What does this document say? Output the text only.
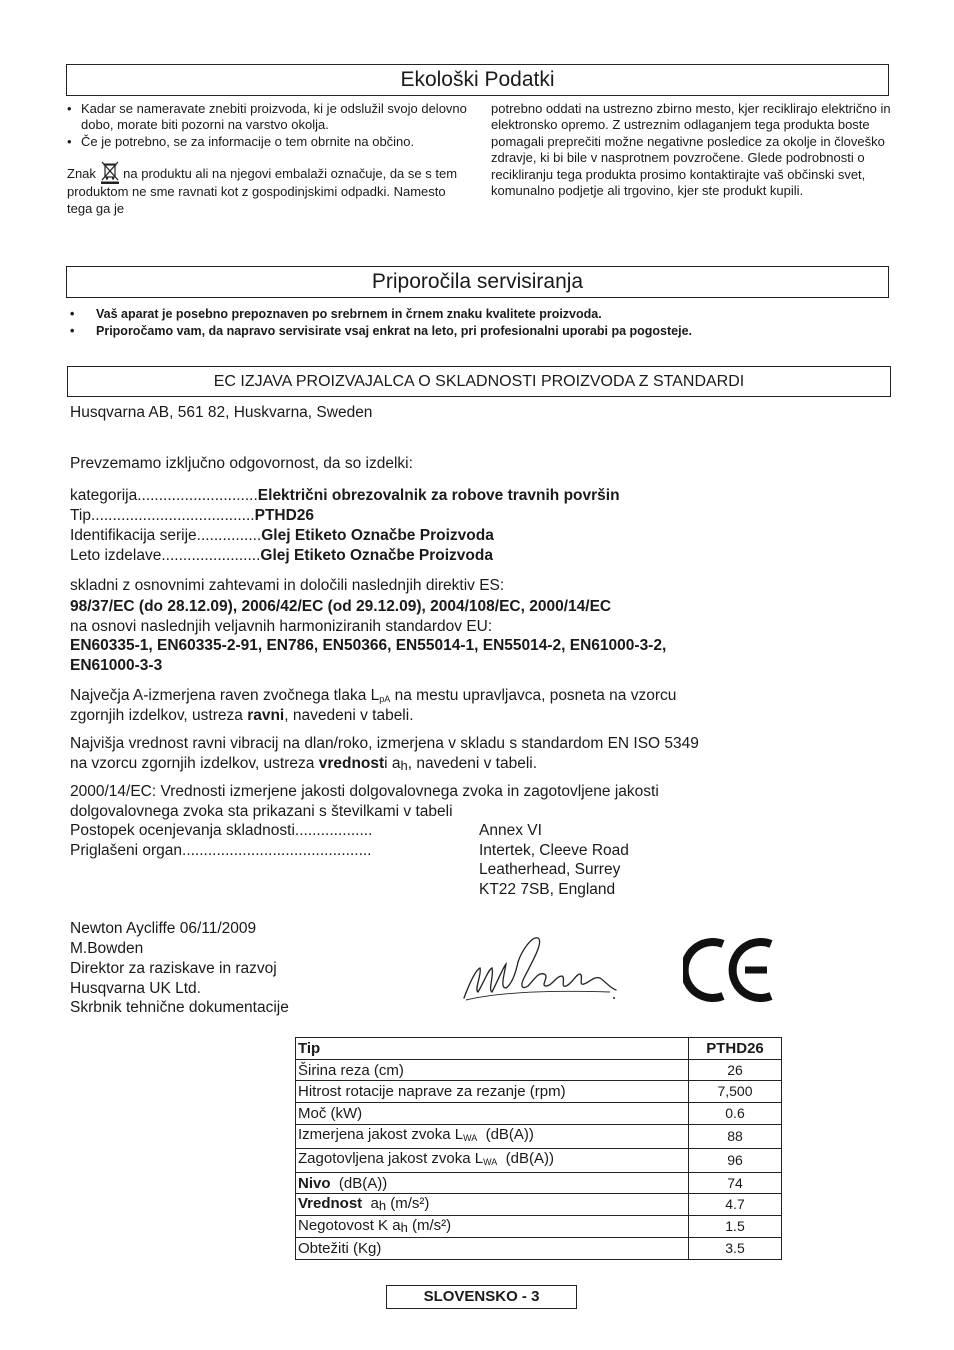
Ekološki Podatki
• Kadar se nameravate znebiti proizvoda, ki je odslužil svojo delovno dobo, morate biti pozorni na varstvo okolja.
• Če je potrebno, se za informacije o tem obrnite na občino.
Znak na produktu ali na njegovi embalaži označuje, da se s tem produktom ne sme ravnati kot z gospodinjskimi odpadki. Namesto tega ga je
potrebno oddati na ustrezno zbirno mesto, kjer reciklirajo električno in elektronsko opremo. Z ustreznim odlaganjem tega produkta boste pomagali preprečiti možne negativne posledice za okolje in človeško zdravje, ki bi bile v nasprotnem povzročene. Glede podrobnosti o recikliranju tega produkta prosimo kontaktirajte vaš občinski svet, komunalno podjetje ali trgovino, kjer ste produkt kupili.
Priporočila servisiranja
• Vaš aparat je posebno prepoznaven po srebrnem in črnem znaku kvalitete proizvoda.
• Priporočamo vam, da napravo servisirate vsaj enkrat na leto, pri profesionalni uporabi pa pogosteje.
EC IZJAVA PROIZVAJALCA O SKLADNOSTI PROIZVODA Z STANDARDI
Husqvarna AB, 561 82, Huskvarna, Sweden
Prevzemamo izključno odgovornost, da so izdelki:
kategorija............................Električni obrezovalnik za robove travnih površin
Tip......................................PTHD26
Identifikacija serije...............Glej Etiketo Označbe Proizvoda
Leto izdelave.......................Glej Etiketo Označbe Proizvoda
skladni z osnovnimi zahtevami in določili naslednjih direktiv ES:
98/37/EC (do 28.12.09), 2006/42/EC (od 29.12.09), 2004/108/EC, 2000/14/EC
na osnovi naslednjih veljavnih harmoniziranih standardov EU:
EN60335-1, EN60335-2-91, EN786, EN50366, EN55014-1, EN55014-2, EN61000-3-2,
EN61000-3-3
Največja A-izmerjena raven zvočnega tlaka $L_{pA}$ na mestu upravljavca, posneta na vzorcu
zgornjih izdelkov, ustreza ravni, navedeni v tabeli.
Najvišja vrednost ravni vibracij na dlan/roko, izmerjena v skladu s standardom EN ISO 5349
na vzorcu zgornjih izdelkov, ustreza vrednosti $a_h$, navedeni v tabeli.
2000/14/EC: Vrednosti izmerjene jakosti dolgovalovnega zvoka in zagotovljene jakosti
dolgovalovnega zvoka sta prikazani s številkami v tabeli
Postopek ocenjevanja skladnosti..................	Annex VI
Priglašeni organ............................................	Intertek, Cleeve Road
Leatherhead, Surrey
KT22 7SB, England
Newton Aycliffe 06/11/2009
M.Bowden
Direktor za raziskave in razvoj
Husqvarna UK Ltd.
Skrbnik tehnične dokumentacije
Tip	PTHD26
Širina reza (cm)	26
Hitrost rotacije naprave za rezanje (rpm)	7,500
Moč (kW)	0.6
Izmerjena jakost zvoka $L_{WA}$  (dB(A))	88
Zagotovljena jakost zvoka $L_{WA}$  (dB(A))	96
Nivo  (dB(A))	74
Vrednost  $a_h$ (m/s²)	4.7
Negotovost K $a_h$ (m/s²)	1.5
Obtežiti (Kg)	3.5
SLOVENSKO - 3
